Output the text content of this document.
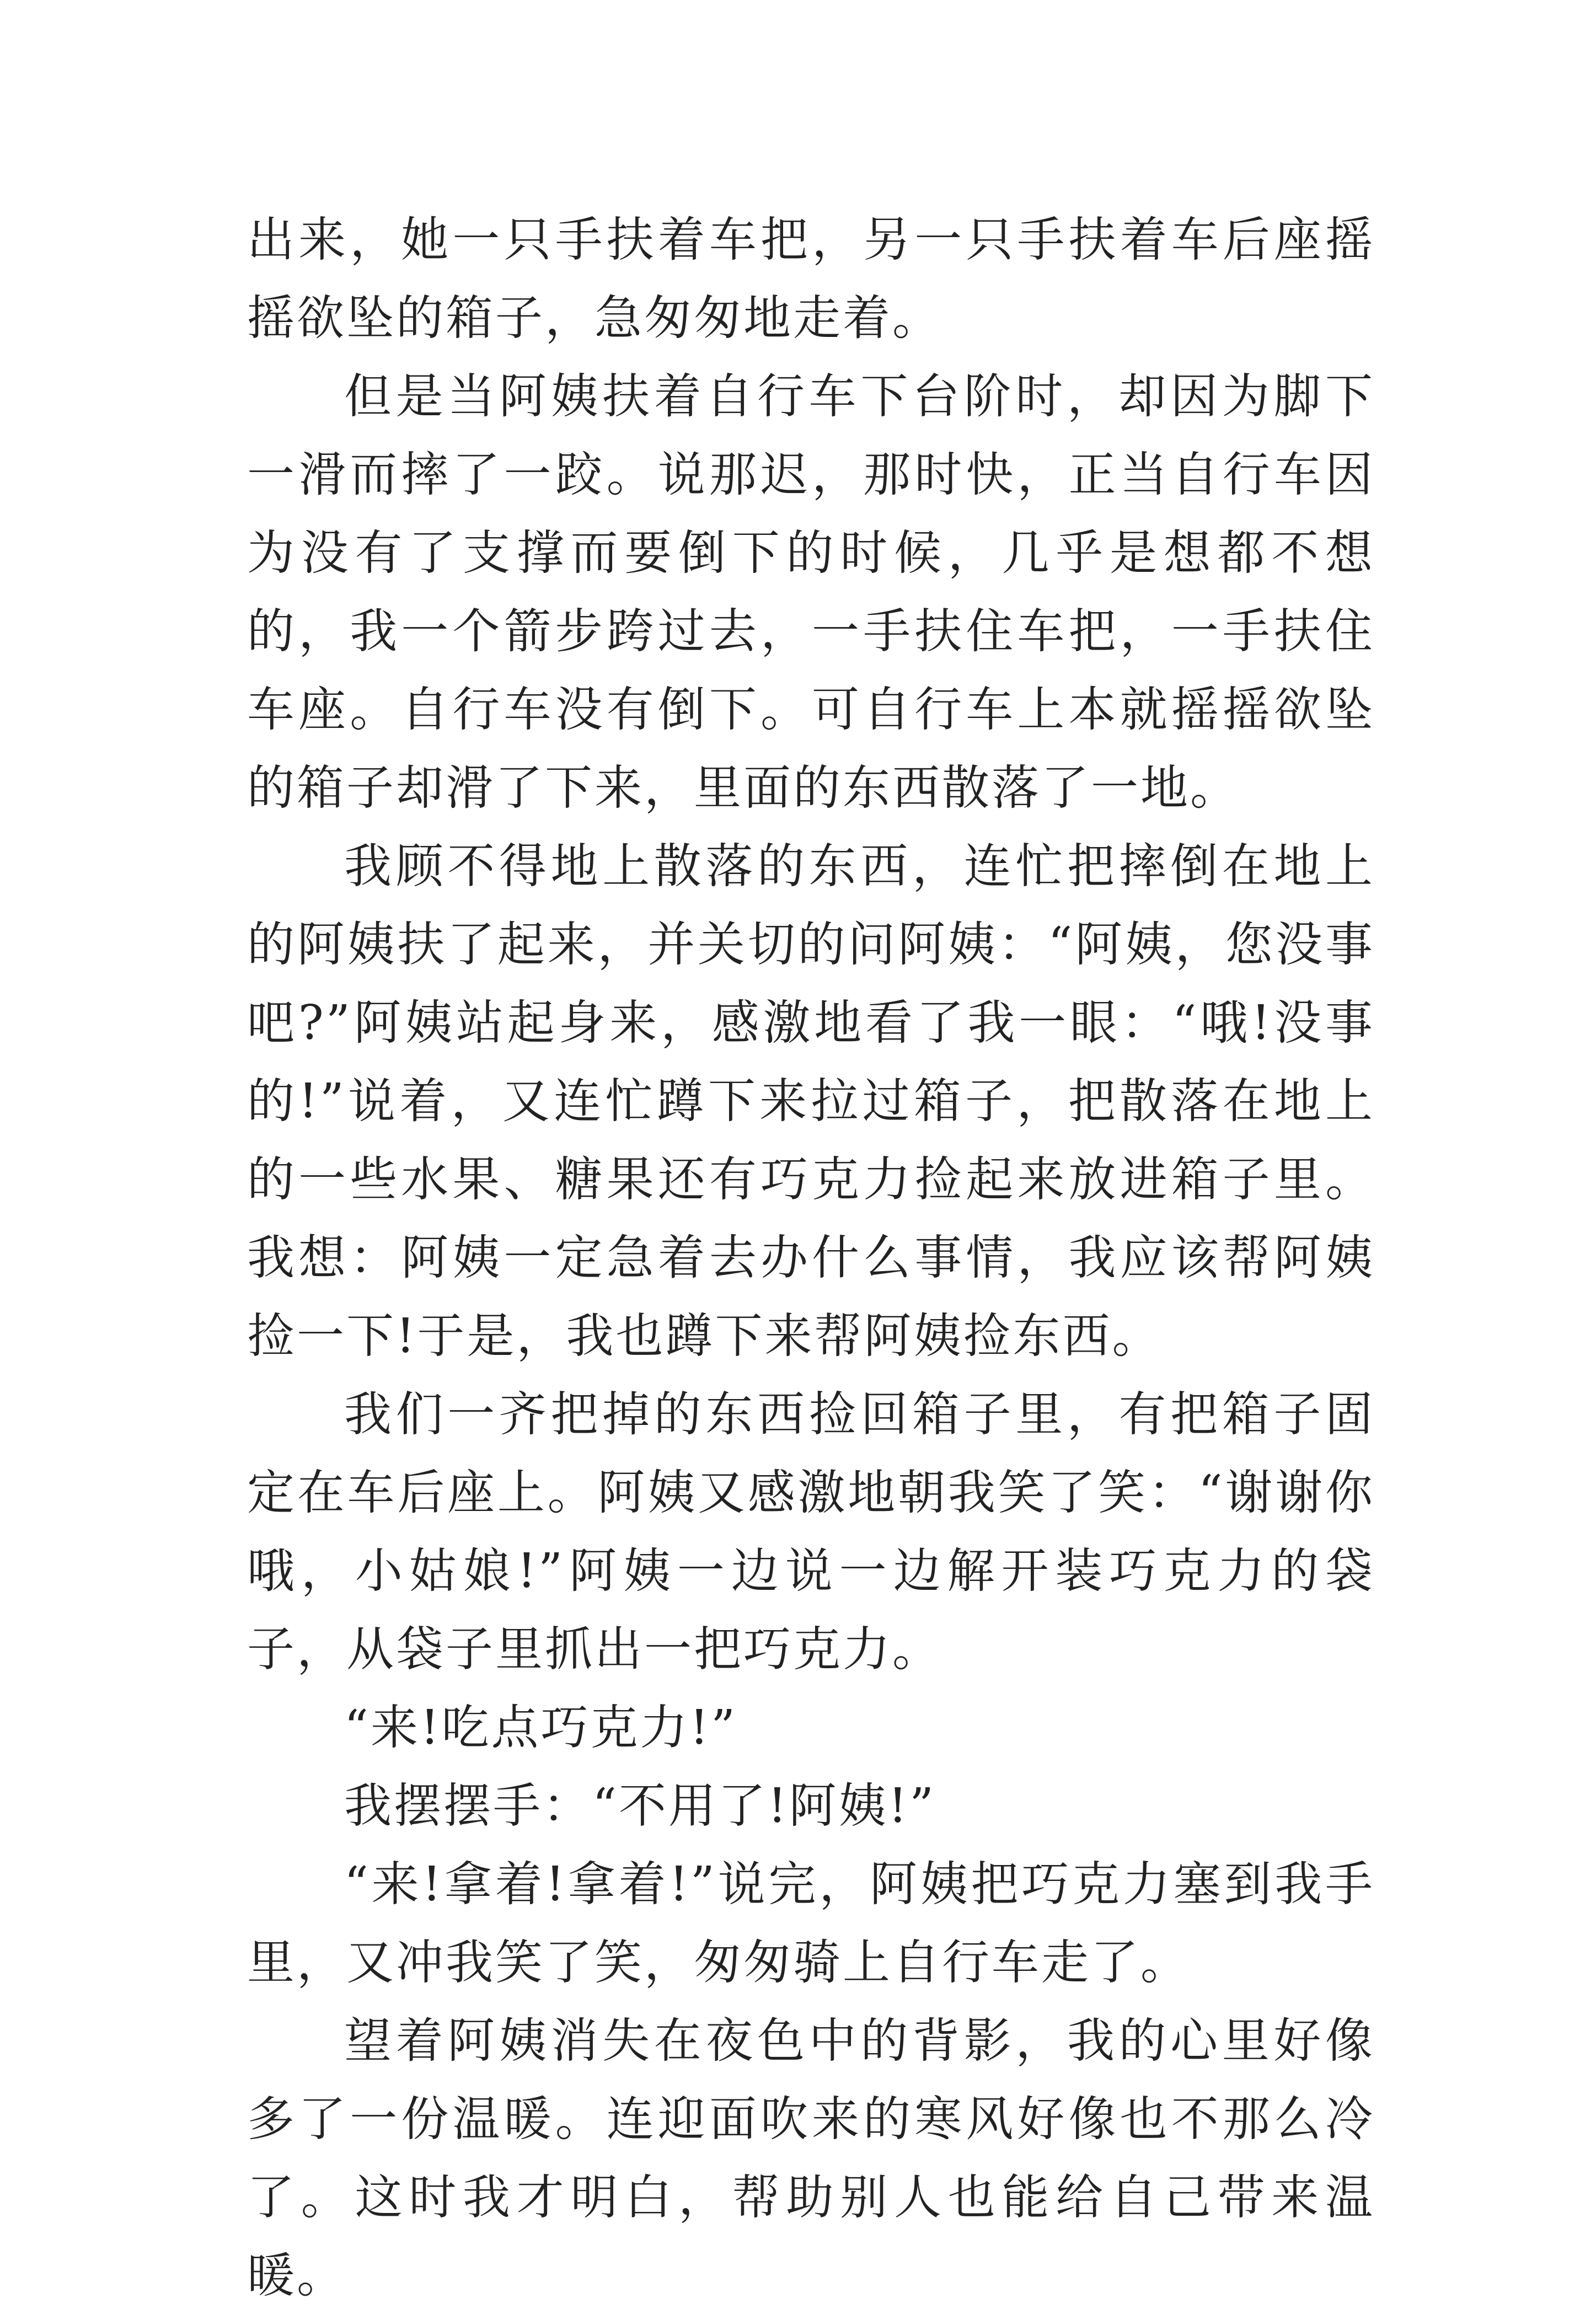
出来，她一只手扶着车把，另一只手扶着车后座摇摇欲坠的箱子，急匆匆地走着。

但是当阿姨扶着自行车下台阶时，却因为脚下一滑而摔了一跤。说那迟，那时快，正当自行车因为没有了支撑而要倒下的时候，几乎是想都不想的，我一个箭步跨过去，一手扶住车把，一手扶住车座。自行车没有倒下。可自行车上本就摇摇欲坠的箱子却滑了下来，里面的东西散落了一地。

我顾不得地上散落的东西，连忙把摔倒在地上的阿姨扶了起来，并关切的问阿姨：“阿姨，您没事吧?”阿姨站起身来，感激地看了我一眼：“哦!没事的!”说着，又连忙蹲下来拉过箱子，把散落在地上的一些水果、糖果还有巧克力捡起来放进箱子里。我想：阿姨一定急着去办什么事情，我应该帮阿姨捡一下!于是，我也蹲下来帮阿姨捡东西。

我们一齐把掉的东西捡回箱子里，有把箱子固定在车后座上。阿姨又感激地朝我笑了笑：“谢谢你哦，小姑娘!”阿姨一边说一边解开装巧克力的袋子，从袋子里抓出一把巧克力。

“来!吃点巧克力!”

我摆摆手：“不用了!阿姨!”

“来!拿着!拿着!”说完，阿姨把巧克力塞到我手里，又冲我笑了笑，匆匆骑上自行车走了。

望着阿姨消失在夜色中的背影，我的心里好像多了一份温暖。连迎面吹来的寒风好像也不那么冷了。这时我才明白，帮助别人也能给自己带来温暖。
